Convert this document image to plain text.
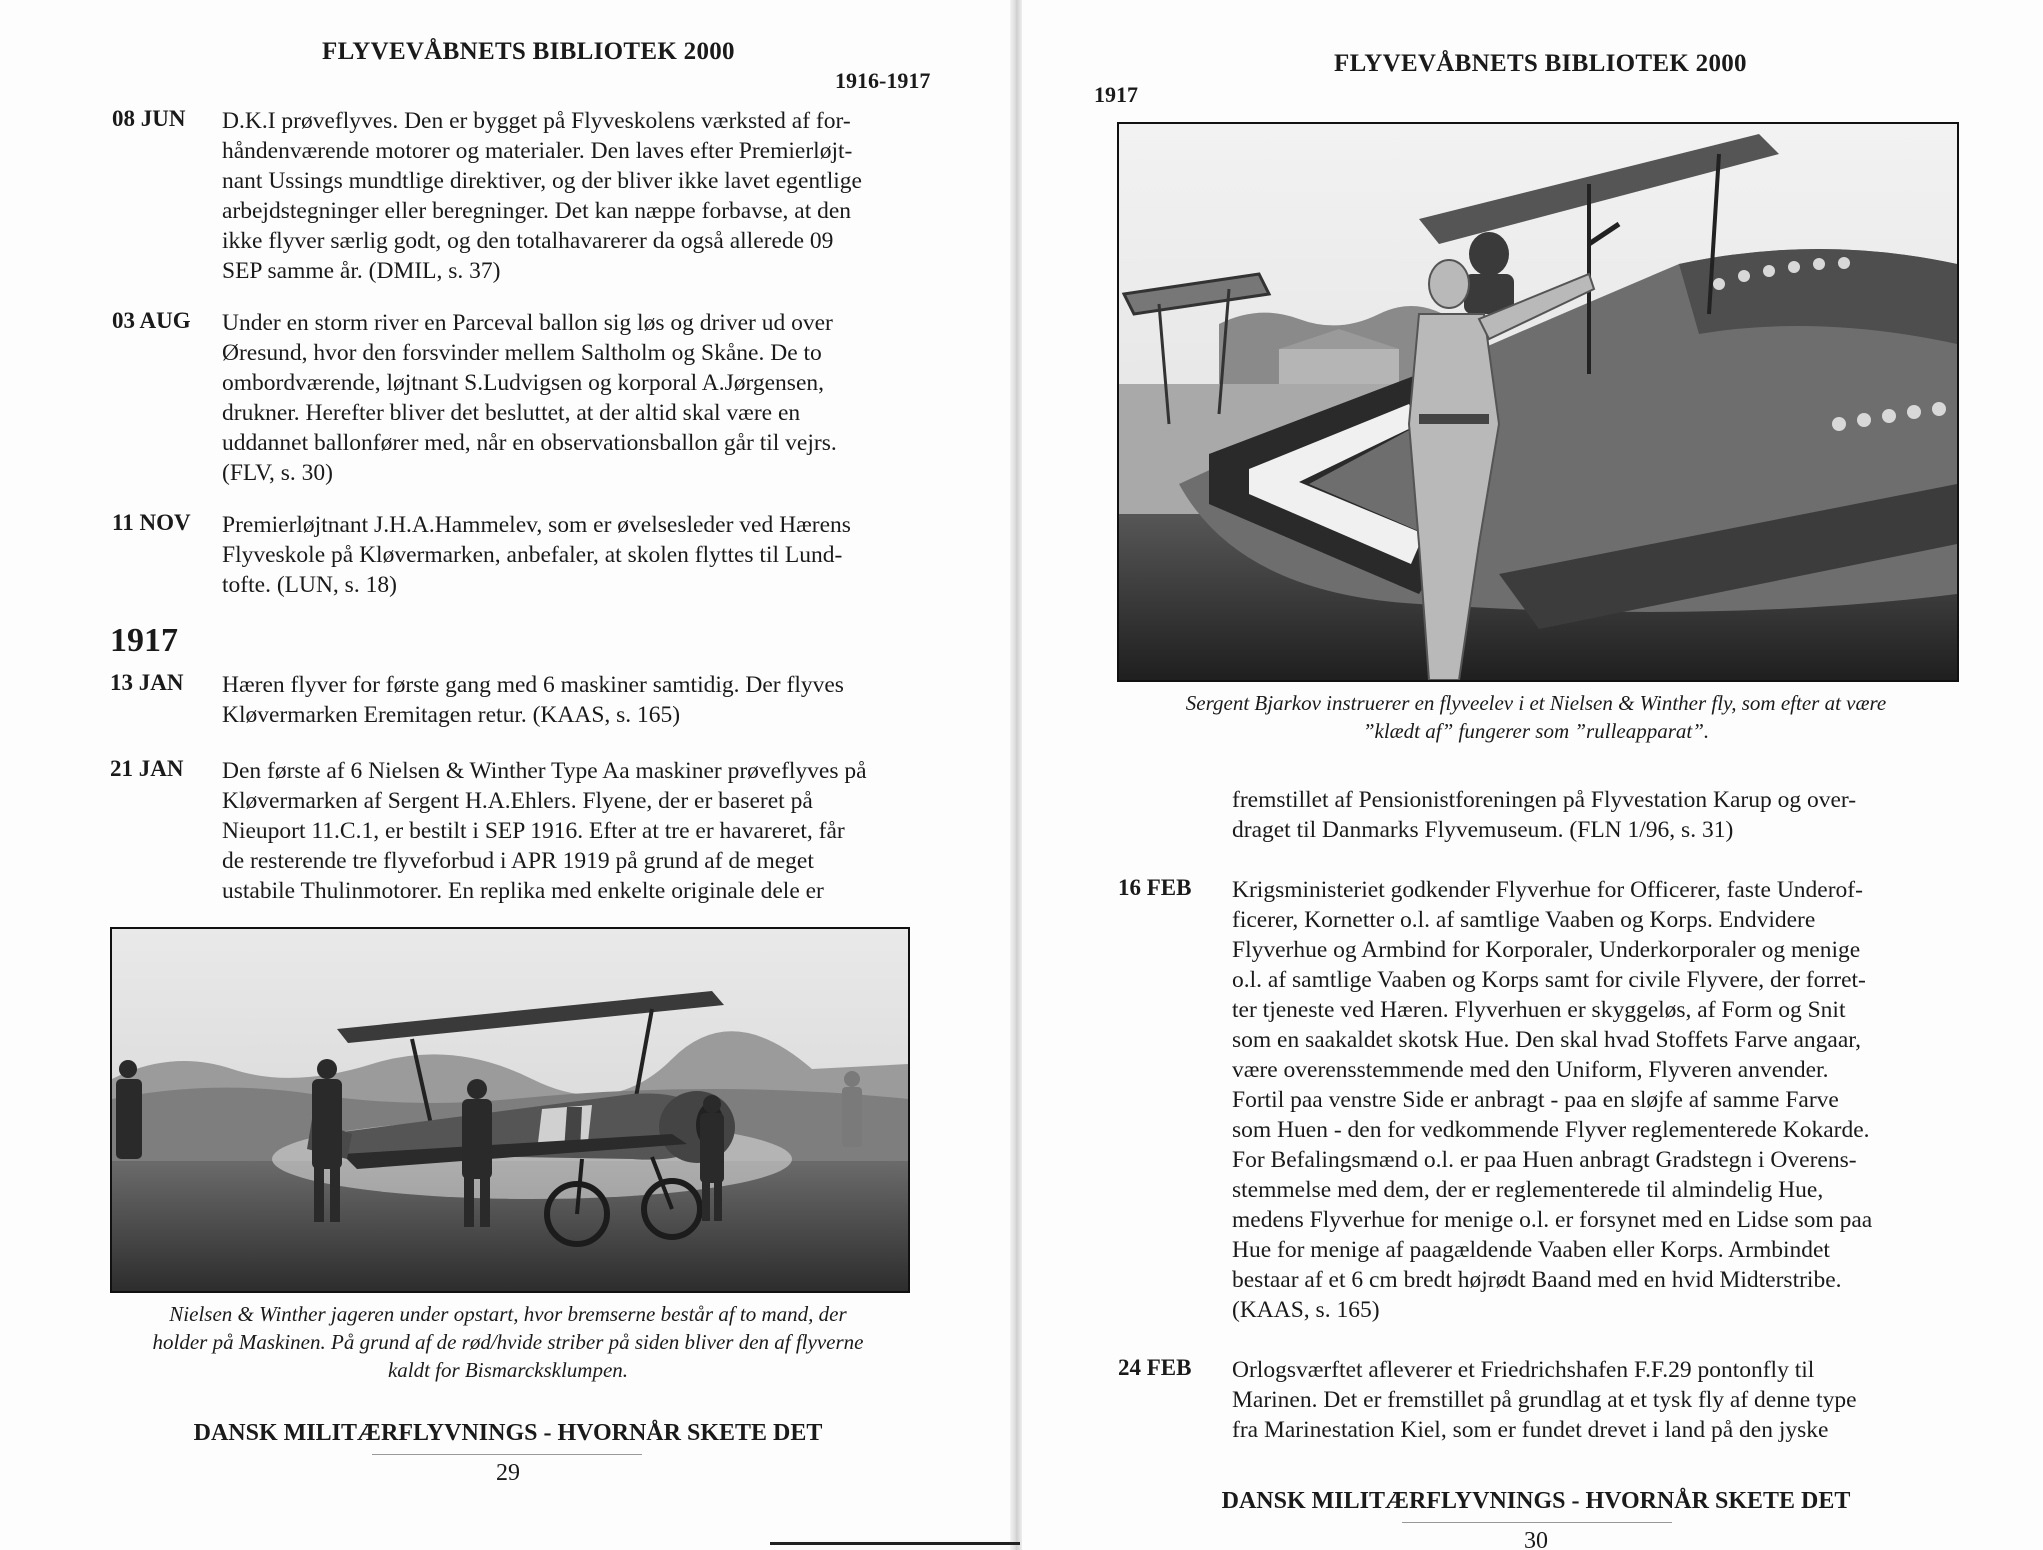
FLYVEVÅBNETS BIBLIOTEK 2000
1916-1917
08 JUN D.K.I prøveflyves. Den er bygget på Flyveskolens værksted af for-
håndenværende motorer og materialer. Den laves efter Premierløjt-
nant Ussings mundtlige direktiver, og der bliver ikke lavet egentlige
arbejdstegninger eller beregninger. Det kan næppe forbavse, at den
ikke flyver særlig godt, og den totalhavarerer da også allerede 09
SEP samme år. (DMIL, s. 37)
03 AUG Under en storm river en Parceval ballon sig løs og driver ud over
Øresund, hvor den forsvinder mellem Saltholm og Skåne. De to
ombordværende, løjtnant S.Ludvigsen og korporal A.Jørgensen,
drukner. Herefter bliver det besluttet, at der altid skal være en
uddannet ballonfører med, når en observationsballon går til vejrs.
(FLV, s. 30)
11 NOV Premierløjtnant J.H.A.Hammelev, som er øvelsesleder ved Hærens
Flyveskole på Kløvermarken, anbefaler, at skolen flyttes til Lund-
tofte. (LUN, s. 18)
1917
13 JAN Hæren flyver for første gang med 6 maskiner samtidig. Der flyves
Kløvermarken Eremitagen retur. (KAAS, s. 165)
21 JAN Den første af 6 Nielsen & Winther Type Aa maskiner prøveflyves på
Kløvermarken af Sergent H.A.Ehlers. Flyene, der er baseret på
Nieuport 11.C.1, er bestilt i SEP 1916. Efter at tre er havareret, får
de resterende tre flyveforbud i APR 1919 på grund af de meget
ustabile Thulinmotorer. En replika med enkelte originale dele er
Nielsen & Winther jageren under opstart, hvor bremserne består af to mand, der
holder på Maskinen. På grund af de rød/hvide striber på siden bliver den af flyverne
kaldt for Bismarcksklumpen.
DANSK MILITÆRFLYVNINGS - HVORNÅR SKETE DET
29
FLYVEVÅBNETS BIBLIOTEK 2000
1917
Sergent Bjarkov instruerer en flyveelev i et Nielsen & Winther fly, som efter at være
”klædt af” fungerer som ”rulleapparat”.
fremstillet af Pensionistforeningen på Flyvestation Karup og over-
draget til Danmarks Flyvemuseum. (FLN 1/96, s. 31)
16 FEB Krigsministeriet godkender Flyverhue for Officerer, faste Underof-
ficerer, Kornetter o.l. af samtlige Vaaben og Korps. Endvidere
Flyverhue og Armbind for Korporaler, Underkorporaler og menige
o.l. af samtlige Vaaben og Korps samt for civile Flyvere, der forret-
ter tjeneste ved Hæren. Flyverhuen er skyggeløs, af Form og Snit
som en saakaldet skotsk Hue. Den skal hvad Stoffets Farve angaar,
være overensstemmende med den Uniform, Flyveren anvender.
Fortil paa venstre Side er anbragt - paa en sløjfe af samme Farve
som Huen - den for vedkommende Flyver reglementerede Kokarde.
For Befalingsmænd o.l. er paa Huen anbragt Gradstegn i Overens-
stemmelse med dem, der er reglementerede til almindelig Hue,
medens Flyverhue for menige o.l. er forsynet med en Lidse som paa
Hue for menige af paagældende Vaaben eller Korps. Armbindet
bestaar af et 6 cm bredt højrødt Baand med en hvid Midterstribe.
(KAAS, s. 165)
24 FEB Orlogsværftet afleverer et Friedrichshafen F.F.29 pontonfly til
Marinen. Det er fremstillet på grundlag at et tysk fly af denne type
fra Marinestation Kiel, som er fundet drevet i land på den jyske
DANSK MILITÆRFLYVNINGS - HVORNÅR SKETE DET
30
